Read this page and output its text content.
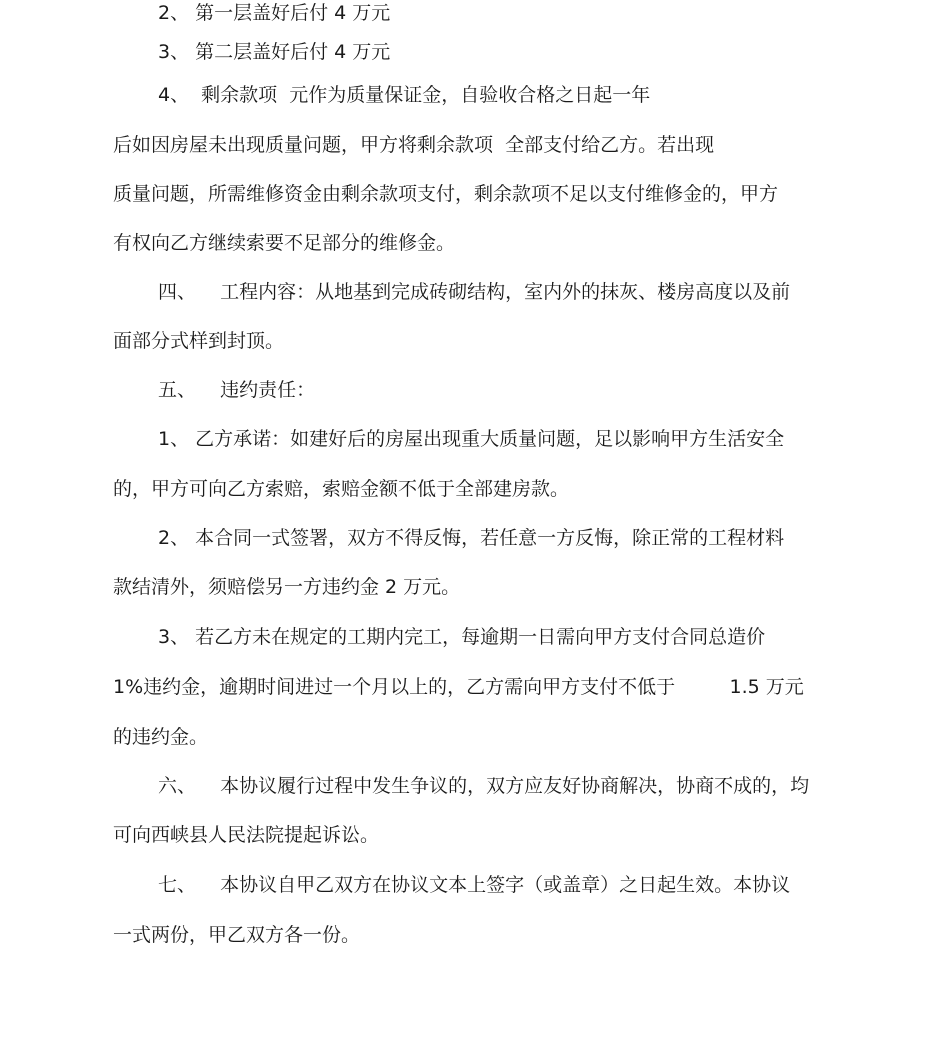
2、 第一层盖好后付 4 万元
3、 第二层盖好后付 4 万元
4、  剩余款项  元作为质量保证金，自验收合格之日起一年
后如因房屋未出现质量问题，甲方将剩余款项  全部支付给乙方。若出现
质量问题，所需维修资金由剩余款项支付，剩余款项不足以支付维修金的，甲方
有权向乙方继续索要不足部分的维修金。
四、    工程内容：从地基到完成砖砌结构，室内外的抹灰、楼房高度以及前
面部分式样到封顶。
五、    违约责任：
1、 乙方承诺：如建好后的房屋出现重大质量问题，足以影响甲方生活安全
的，甲方可向乙方索赔，索赔金额不低于全部建房款。
2、 本合同一式签署，双方不得反悔，若任意一方反悔，除正常的工程材料
款结清外，须赔偿另一方违约金 2 万元。
3、 若乙方未在规定的工期内完工，每逾期一日需向甲方支付合同总造价
1%违约金，逾期时间进过一个月以上的，乙方需向甲方支付不低于         1.5 万元
的违约金。
六、    本协议履行过程中发生争议的，双方应友好协商解决，协商不成的，均
可向西峡县人民法院提起诉讼。
七、    本协议自甲乙双方在协议文本上签字（或盖章）之日起生效。本协议
一式两份，甲乙双方各一份。
